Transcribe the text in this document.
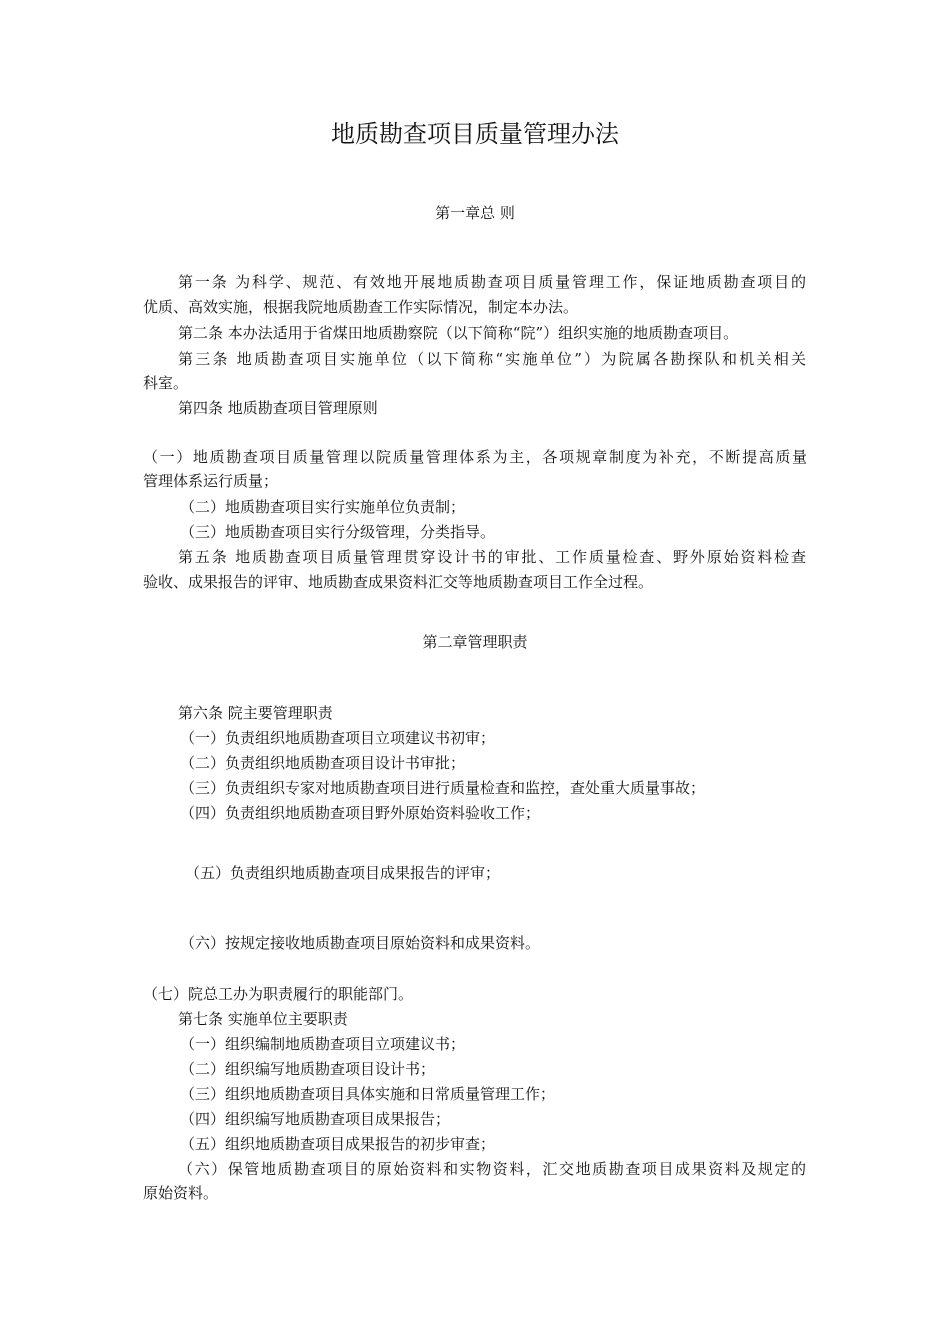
地质勘查项目质量管理办法
第一章总 则

第一条 为科学、规范、有效地开展地质勘查项目质量管理工作，保证地质勘查项目的

优质、高效实施，根据我院地质勘查工作实际情况，制定本办法。

第二条 本办法适用于省煤田地质勘察院（以下简称“院”）组织实施的地质勘查项目。

第三条 地质勘查项目实施单位（以下简称“实施单位”）为院属各勘探队和机关相关

科室。

第四条 地质勘查项目管理原则

（一）地质勘查项目质量管理以院质量管理体系为主，各项规章制度为补充，不断提高质量

管理体系运行质量；

（二）地质勘查项目实行实施单位负责制；

（三）地质勘查项目实行分级管理，分类指导。

第五条 地质勘查项目质量管理贯穿设计书的审批、工作质量检查、野外原始资料检查

验收、成果报告的评审、地质勘查成果资料汇交等地质勘查项目工作全过程。

第二章管理职责

第六条 院主要管理职责

（一）负责组织地质勘查项目立项建议书初审；

（二）负责组织地质勘查项目设计书审批；

（三）负责组织专家对地质勘查项目进行质量检查和监控，查处重大质量事故；

（四）负责组织地质勘查项目野外原始资料验收工作；

（五）负责组织地质勘查项目成果报告的评审；

（六）按规定接收地质勘查项目原始资料和成果资料。

（七）院总工办为职责履行的职能部门。

第七条 实施单位主要职责

（一）组织编制地质勘查项目立项建议书；

（二）组织编写地质勘查项目设计书；

（三）组织地质勘查项目具体实施和日常质量管理工作；

（四）组织编写地质勘查项目成果报告；

（五）组织地质勘查项目成果报告的初步审查；

（六）保管地质勘查项目的原始资料和实物资料，汇交地质勘查项目成果资料及规定的

原始资料。
